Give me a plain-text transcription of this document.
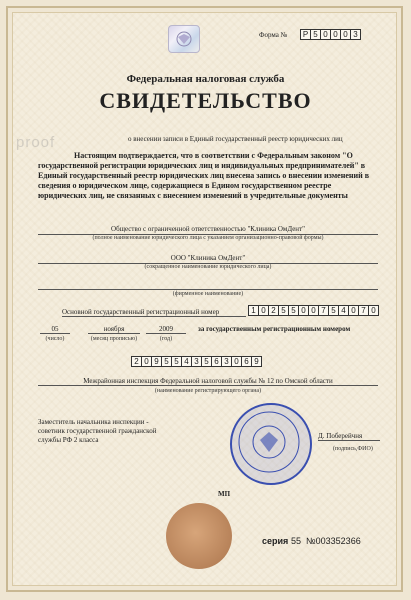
Форма №	Р 5 0 0 0 3
proof
Федеральная налоговая служба
СВИДЕТЕЛЬСТВО
о внесении записи в Единый государственный реестр юридических лиц
Настоящим подтверждается, что в соответствии с Федеральным законом "О государственной регистрации юридических лиц и индивидуальных предпринимателей" в Единый государственный реестр юридических лиц внесена запись о внесении изменений в сведения о юридическом лице, содержащиеся в Едином государственном реестре юридических лиц, не связанных с внесением изменений в учредительные документы
Общество с ограниченной ответственностью "Клиника ОмДент"
(полное наименование юридического лица с указанием организационно-правовой формы)
ООО "Клиника ОмДент"
(сокращенное наименование юридического лица)
(фирменное наименование)
Основной государственный регистрационный номер	1 0 2 5 5 0 0 7 5 4 0 7 0
05
(число)
ноября
(месяц прописью)
2009
(год)
за государственным регистрационным номером
2 0 9 5 5 4 3 5 6 3 0 6 9
Межрайонная инспекция Федеральной налоговой службы № 12 по Омской области
(наименование регистрирующего органа)
Заместитель начальника инспекции - советник государственной гражданской службы РФ 2 класса	Д. Поберейчня
(подпись,ФИО)
МП
серия 55 №003352366
